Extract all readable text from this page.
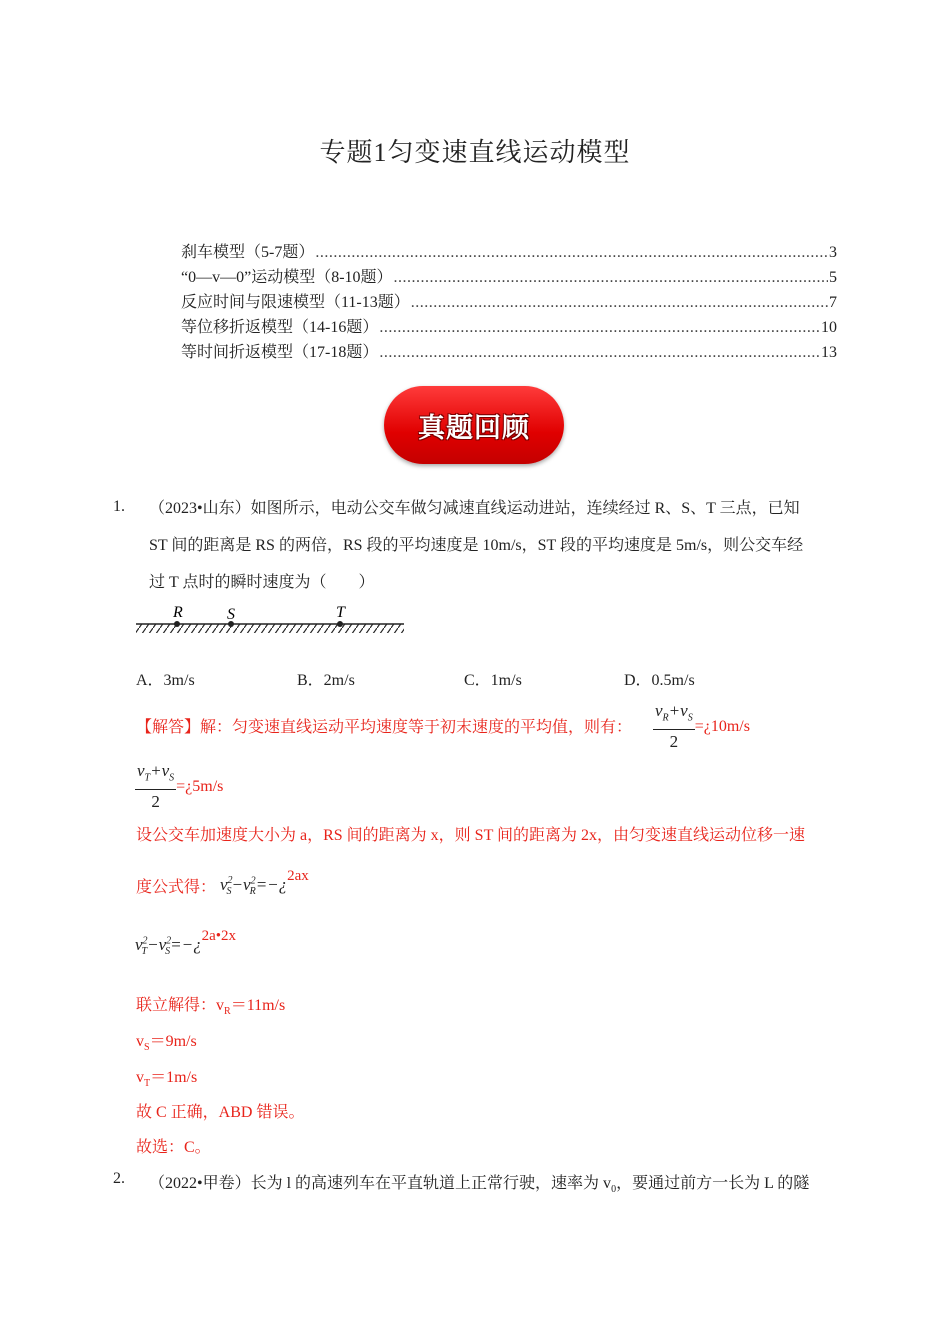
专题1匀变速直线运动模型
刹车模型（5-7题） .....	3
“0—v—0”运动模型（8-10题） .....	5
反应时间与限速模型（11-13题） .....	7
等位移折返模型（14-16题） .....	10
等时间折返模型（17-18题） .....	13
真题回顾
1. （2023•山东）如图所示，电动公交车做匀减速直线运动进站，连续经过 R、S、T 三点，已知
ST 间的距离是 RS 的两倍，RS 段的平均速度是 10m/s，ST 段的平均速度是 5m/s，则公交车经
过 T 点时的瞬时速度为（　　）
R	S	T
A．3m/s	B．2m/s	C．1m/s	D．0.5m/s
【解答】解：匀变速直线运动平均速度等于初末速度的平均值，则有： $\frac{v_R+v_S}{2}$ =¿10m/s
$\frac{v_T+v_S}{2}$ =¿5m/s
设公交车加速度大小为 a，RS 间的距离为 x，则 ST 间的距离为 2x，由匀变速直线运动位移一速
度公式得： $v^2_S-v^2_R=-¿2ax$
$v^2_T-v^2_S=-¿2a•2x$
联立解得：$v_R=11m/s$
$v_S=9m/s$
$v_T=1m/s$
故 C 正确，ABD 错误。
故选：C。
2. （2022•甲卷）长为 l 的高速列车在平直轨道上正常行驶，速率为 $v_0$，要通过前方一长为 L 的隧
